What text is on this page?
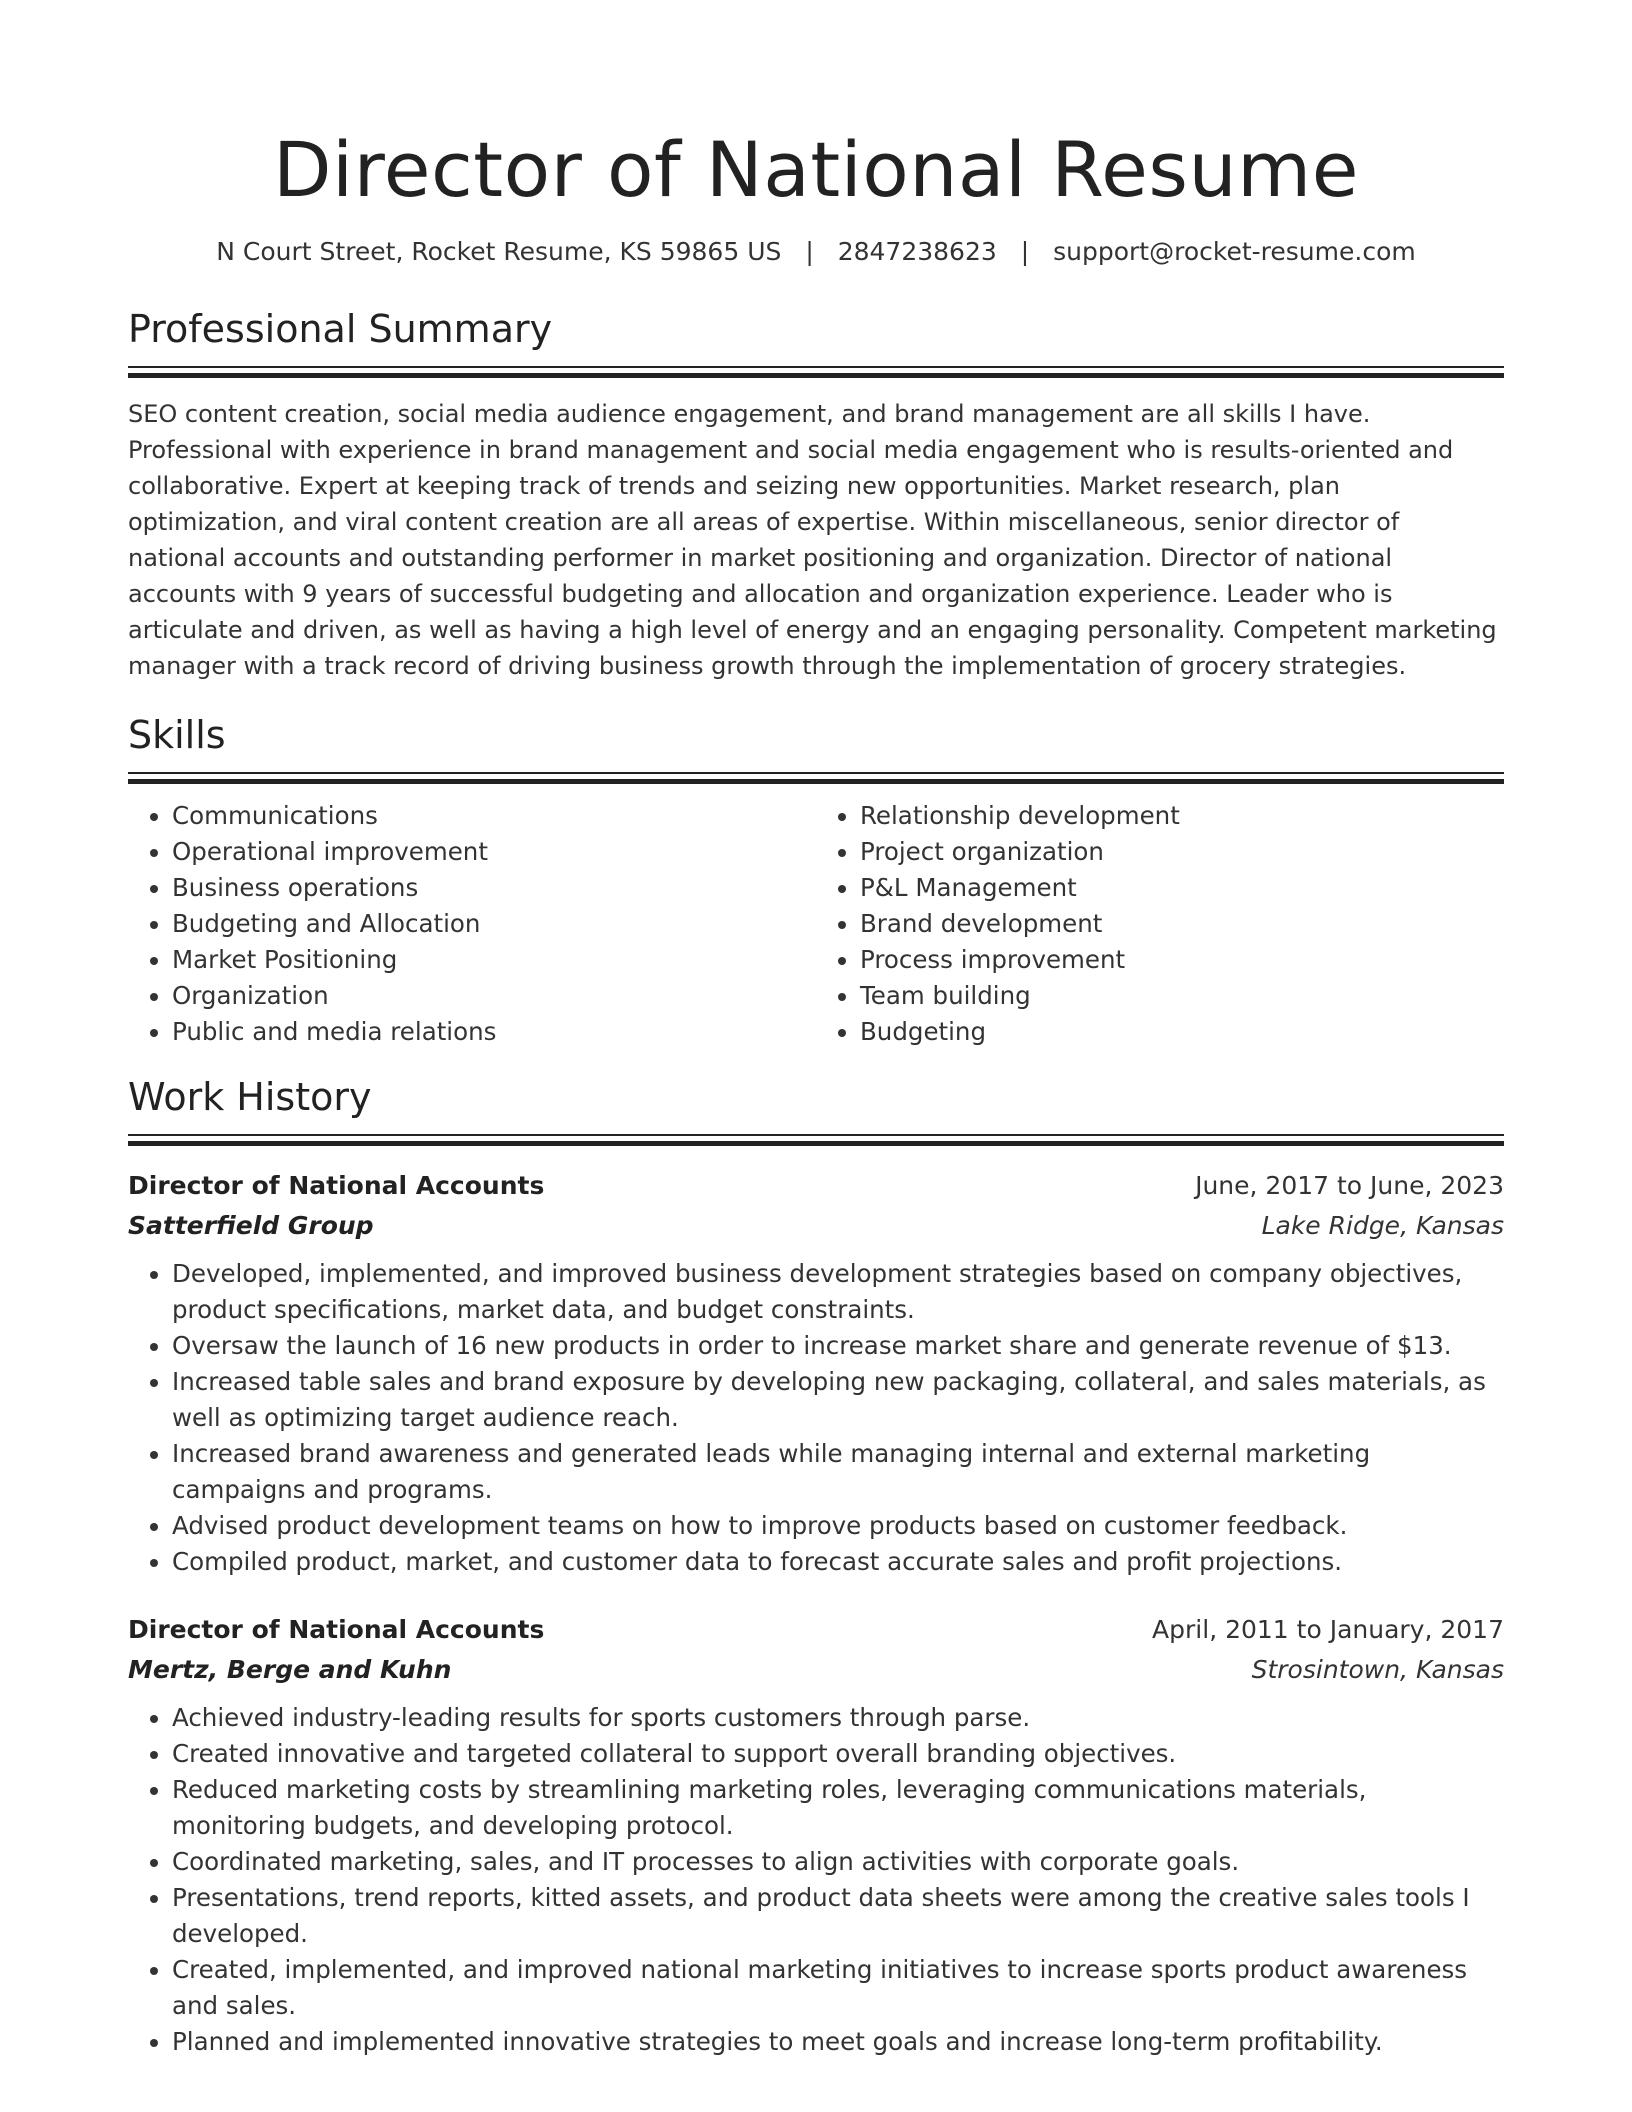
Director of National Resume
N Court Street, Rocket Resume, KS 59865 US | 2847238623 | support@rocket-resume.com
Professional Summary

SEO content creation, social media audience engagement, and brand management are all skills I have. Professional with experience in brand management and social media engagement who is results-oriented and collaborative. Expert at keeping track of trends and seizing new opportunities. Market research, plan optimization, and viral content creation are all areas of expertise. Within miscellaneous, senior director of national accounts and outstanding performer in market positioning and organization. Director of national accounts with 9 years of successful budgeting and allocation and organization experience. Leader who is articulate and driven, as well as having a high level of energy and an engaging personality. Competent marketing manager with a track record of driving business growth through the implementation of grocery strategies.

Skills
• Communications
• Operational improvement
• Business operations
• Budgeting and Allocation
• Market Positioning
• Organization
• Public and media relations
• Relationship development
• Project organization
• P&L Management
• Brand development
• Process improvement
• Team building
• Budgeting
Work History
Director of National Accounts	June, 2017 to June, 2023
Satterfield Group	Lake Ridge, Kansas
• Developed, implemented, and improved business development strategies based on company objectives, product specifications, market data, and budget constraints.
• Oversaw the launch of 16 new products in order to increase market share and generate revenue of $13.
• Increased table sales and brand exposure by developing new packaging, collateral, and sales materials, as well as optimizing target audience reach.
• Increased brand awareness and generated leads while managing internal and external marketing campaigns and programs.
• Advised product development teams on how to improve products based on customer feedback.
• Compiled product, market, and customer data to forecast accurate sales and profit projections.
Director of National Accounts	April, 2011 to January, 2017
Mertz, Berge and Kuhn	Strosintown, Kansas
• Achieved industry-leading results for sports customers through parse.
• Created innovative and targeted collateral to support overall branding objectives.
• Reduced marketing costs by streamlining marketing roles, leveraging communications materials, monitoring budgets, and developing protocol.
• Coordinated marketing, sales, and IT processes to align activities with corporate goals.
• Presentations, trend reports, kitted assets, and product data sheets were among the creative sales tools I developed.
• Created, implemented, and improved national marketing initiatives to increase sports product awareness and sales.
• Planned and implemented innovative strategies to meet goals and increase long-term profitability.
